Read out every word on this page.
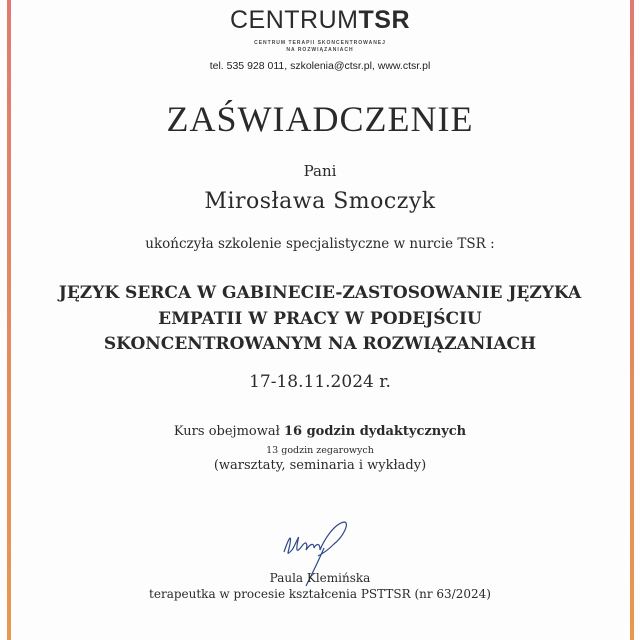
CENTRUMTSR
CENTRUM TERAPII SKONCENTROWANEJ
NA ROZWIĄZANIACH
tel. 535 928 011, szkolenia@ctsr.pl, www.ctsr.pl
ZAŚWIADCZENIE
Pani
Mirosława Smoczyk
ukończyła szkolenie specjalistyczne w nurcie TSR :
JĘZYK SERCA W GABINECIE-ZASTOSOWANIE JĘZYKA
EMPATII W PRACY W PODEJŚCIU
SKONCENTROWANYM NA ROZWIĄZANIACH
17-18.11.2024 r.
Kurs obejmował 16 godzin dydaktycznych
13 godzin zegarowych
(warsztaty, seminaria i wykłady)
Paula Klemińska
terapeutka w procesie kształcenia PSTTSR (nr 63/2024)
